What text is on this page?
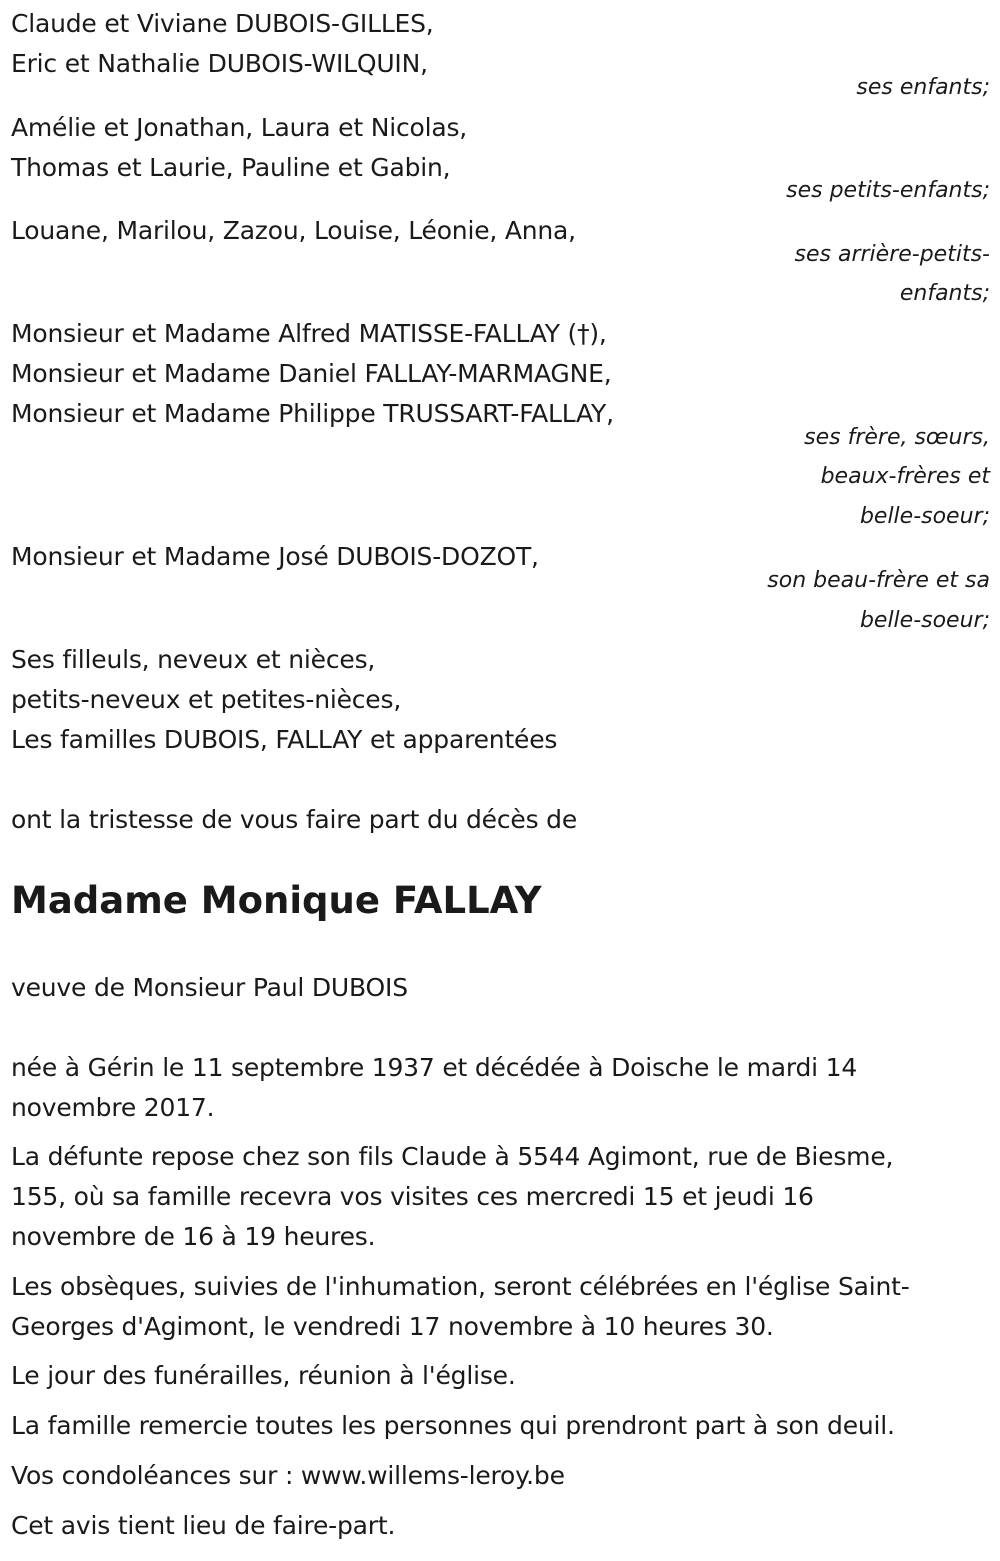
Claude et Viviane DUBOIS-GILLES,

Eric et Nathalie DUBOIS-WILQUIN,

ses enfants;

Amélie et Jonathan, Laura et Nicolas,

Thomas et Laurie, Pauline et Gabin,

ses petits-enfants;

Louane, Marilou, Zazou, Louise, Léonie, Anna,

ses arrière-petits-

enfants;

Monsieur et Madame Alfred MATISSE-FALLAY (†),

Monsieur et Madame Daniel FALLAY-MARMAGNE,

Monsieur et Madame Philippe TRUSSART-FALLAY,

ses frère, sœurs,

beaux-frères et

belle-soeur;

Monsieur et Madame José DUBOIS-DOZOT,

son beau-frère et sa

belle-soeur;

Ses filleuls, neveux et nièces,

petits-neveux et petites-nièces,

Les familles DUBOIS, FALLAY et apparentées

ont la tristesse de vous faire part du décès de

Madame Monique FALLAY

veuve de Monsieur Paul DUBOIS

née à Gérin le 11 septembre 1937 et décédée à Doische le mardi 14

novembre 2017.

La défunte repose chez son fils Claude à 5544 Agimont, rue de Biesme,

155, où sa famille recevra vos visites ces mercredi 15 et jeudi 16

novembre de 16 à 19 heures.

Les obsèques, suivies de l'inhumation, seront célébrées en l'église Saint-

Georges d'Agimont, le vendredi 17 novembre à 10 heures 30.

Le jour des funérailles, réunion à l'église.

La famille remercie toutes les personnes qui prendront part à son deuil.

Vos condoléances sur : www.willems-leroy.be

Cet avis tient lieu de faire-part.
